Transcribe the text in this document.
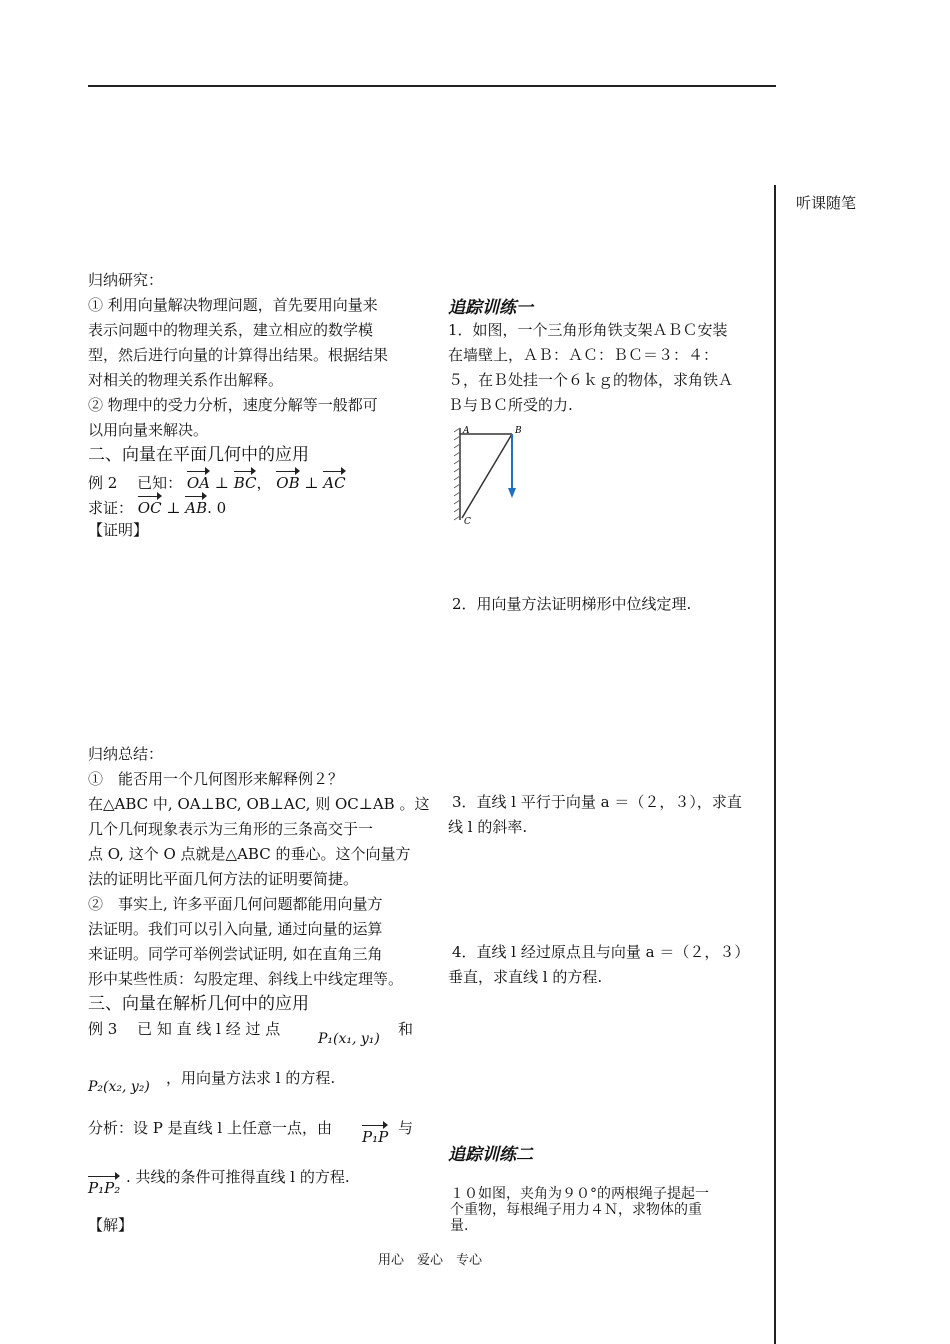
听课随笔
归纳研究：
① 利用向量解决物理问题，首先要用向量来
表示问题中的物理关系，建立相应的数学模
型，然后进行向量的计算得出结果。根据结果
对相关的物理关系作出解释。
② 物理中的受力分析，速度分解等一般都可
以用向量来解决。
二、向量在平面几何中的应用
例 2　 已知： OA ⊥ BC， OB ⊥ AC
求证： OC ⊥ AB. 0
【证明】
归纳总结：
①　能否用一个几何图形来解释例２？
在△ABC 中, OA⊥BC, OB⊥AC, 则 OC⊥AB 。这
几个几何现象表示为三角形的三条高交于一
点 O, 这个 O 点就是△ABC 的垂心。这个向量方
法的证明比平面几何方法的证明要简捷。
②　事实上, 许多平面几何问题都能用向量方
法证明。我们可以引入向量, 通过向量的运算
来证明。同学可举例尝试证明, 如在直角三角
形中某些性质：勾股定理、斜线上中线定理等。
三、向量在解析几何中的应用
例 3　 已 知 直 线 l 经 过 点
P₁(x₁, y₁)
和
P₂(x₂, y₂) ，用向量方法求 l 的方程.
分析：设 P 是直线 l 上任意一点，由 P₁P 与
P₁P₂
. 共线的条件可推得直线 l 的方程.
【解】
追踪训练一
1．如图，一个三角形角铁支架ＡＢＣ安装
在墙壁上，ＡＢ：ＡＣ：ＢＣ＝３：４：
５，在Ｂ处挂一个６ｋｇ的物体，求角铁Ａ
Ｂ与ＢＣ所受的力.
A	B
C
2．用向量方法证明梯形中位线定理.
3．直线 l 平行于向量 a ＝（２，３），求直
线 l 的斜率.
4．直线 l 经过原点且与向量 a ＝（２，３）
垂直，求直线 l 的方程.
追踪训练二
１０如图，夹角为９０°的两根绳子提起一
个重物，每根绳子用力４Ｎ，求物体的重
量.
用心　爱心　专心
